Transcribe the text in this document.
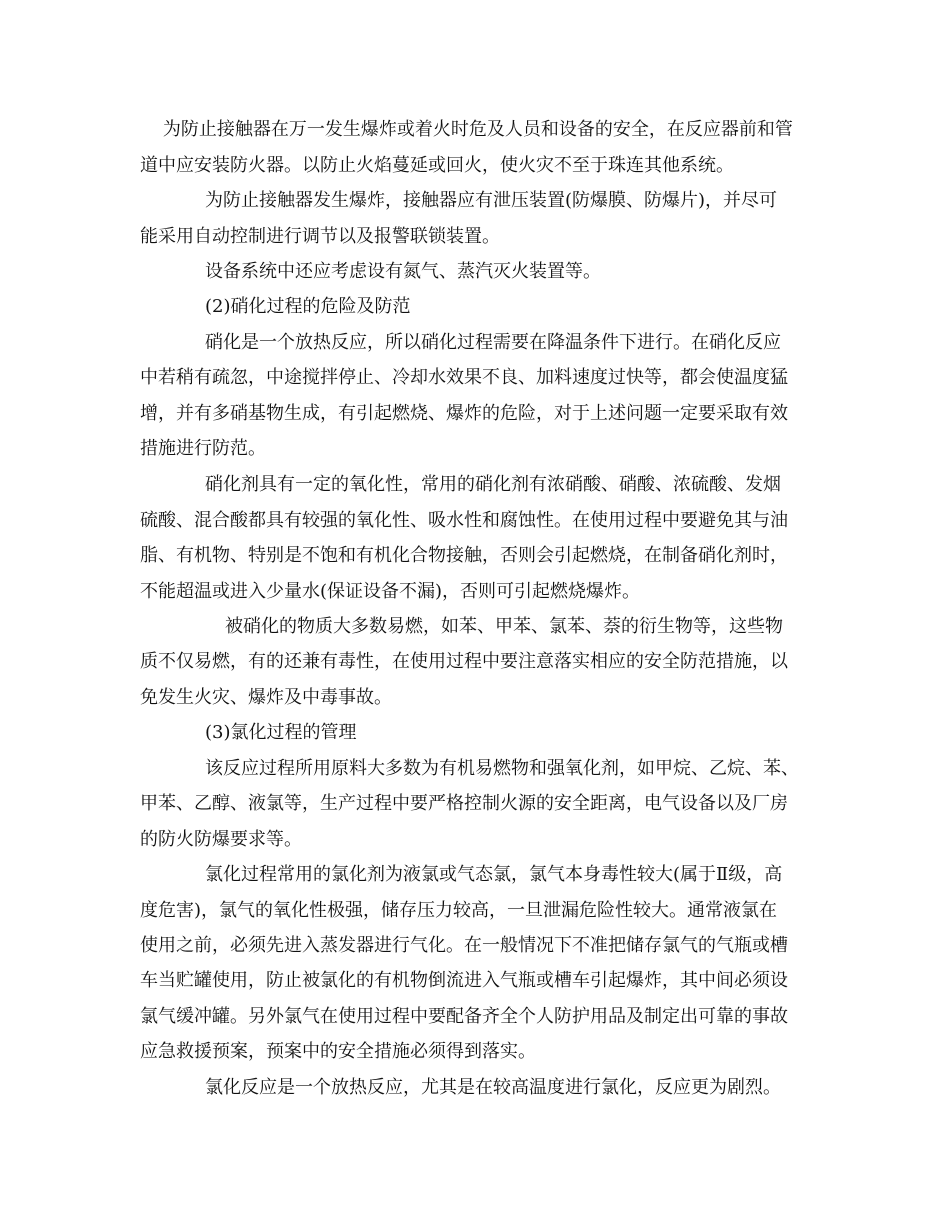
为防止接触器在万一发生爆炸或着火时危及人员和设备的安全，在反应器前和管
道中应安装防火器。以防止火焰蔓延或回火，使火灾不至于珠连其他系统。
为防止接触器发生爆炸，接触器应有泄压装置(防爆膜、防爆片)，并尽可
能采用自动控制进行调节以及报警联锁装置。
设备系统中还应考虑设有氮气、蒸汽灭火装置等。
(2)硝化过程的危险及防范
硝化是一个放热反应，所以硝化过程需要在降温条件下进行。在硝化反应
中若稍有疏忽，中途搅拌停止、冷却水效果不良、加料速度过快等，都会使温度猛
增，并有多硝基物生成，有引起燃烧、爆炸的危险，对于上述问题一定要采取有效
措施进行防范。
硝化剂具有一定的氧化性，常用的硝化剂有浓硝酸、硝酸、浓硫酸、发烟
硫酸、混合酸都具有较强的氧化性、吸水性和腐蚀性。在使用过程中要避免其与油
脂、有机物、特别是不饱和有机化合物接触，否则会引起燃烧，在制备硝化剂时，
不能超温或进入少量水(保证设备不漏)，否则可引起燃烧爆炸。
被硝化的物质大多数易燃，如苯、甲苯、氯苯、萘的衍生物等，这些物
质不仅易燃，有的还兼有毒性，在使用过程中要注意落实相应的安全防范措施，以
免发生火灾、爆炸及中毒事故。
(3)氯化过程的管理
该反应过程所用原料大多数为有机易燃物和强氧化剂，如甲烷、乙烷、苯、
甲苯、乙醇、液氯等，生产过程中要严格控制火源的安全距离，电气设备以及厂房
的防火防爆要求等。
氯化过程常用的氯化剂为液氯或气态氯，氯气本身毒性较大(属于Ⅱ级，高
度危害)，氯气的氧化性极强，储存压力较高，一旦泄漏危险性较大。通常液氯在
使用之前，必须先进入蒸发器进行气化。在一般情况下不准把储存氯气的气瓶或槽
车当贮罐使用，防止被氯化的有机物倒流进入气瓶或槽车引起爆炸，其中间必须设
氯气缓冲罐。另外氯气在使用过程中要配备齐全个人防护用品及制定出可靠的事故
应急救援预案，预案中的安全措施必须得到落实。
氯化反应是一个放热反应，尤其是在较高温度进行氯化，反应更为剧烈。
